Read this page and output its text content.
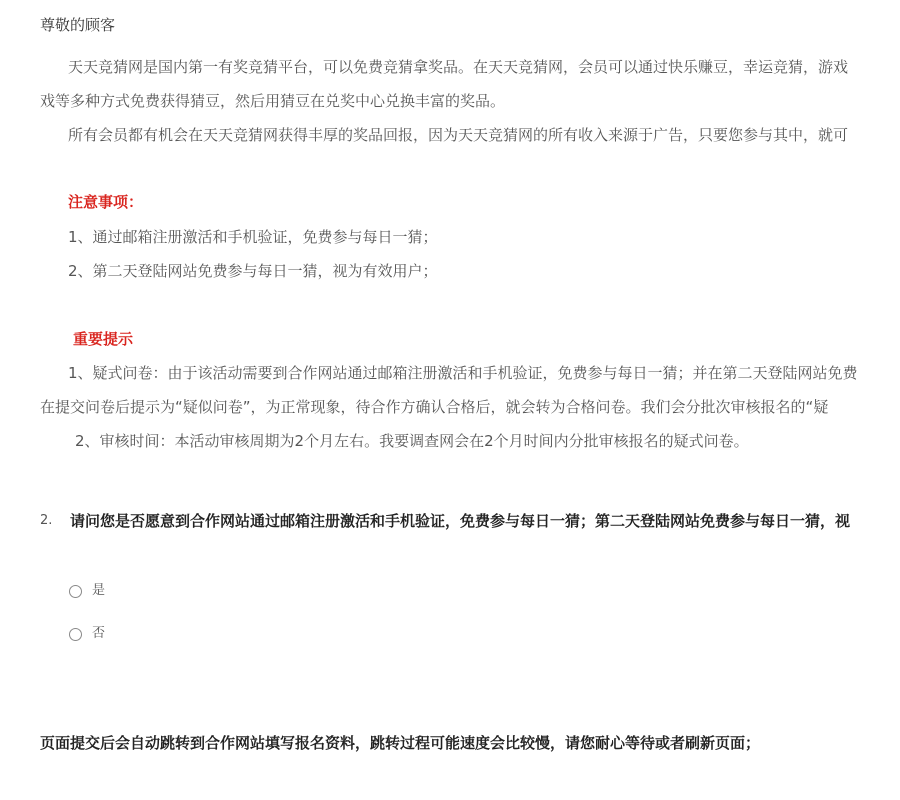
尊敬的顾客
天天竞猜网是国内第一有奖竞猜平台，可以免费竞猜拿奖品。在天天竞猜网，会员可以通过快乐赚豆，幸运竞猜，游戏
戏等多种方式免费获得猜豆，然后用猜豆在兑奖中心兑换丰富的奖品。
所有会员都有机会在天天竞猜网获得丰厚的奖品回报，因为天天竞猜网的所有收入来源于广告，只要您参与其中，就可
注意事项：
1、通过邮箱注册激活和手机验证，免费参与每日一猜；
2、第二天登陆网站免费参与每日一猜，视为有效用户；
重要提示
1、疑式问卷：由于该活动需要到合作网站通过邮箱注册激活和手机验证，免费参与每日一猜；并在第二天登陆网站免费
在提交问卷后提示为“疑似问卷”，为正常现象，待合作方确认合格后，就会转为合格问卷。我们会分批次审核报名的“疑
2、审核时间：本活动审核周期为2个月左右。我要调查网会在2个月时间内分批审核报名的疑式问卷。
2. 请问您是否愿意到合作网站通过邮箱注册激活和手机验证，免费参与每日一猜；第二天登陆网站免费参与每日一猜，视
是
否
页面提交后会自动跳转到合作网站填写报名资料，跳转过程可能速度会比较慢，请您耐心等待或者刷新页面；
